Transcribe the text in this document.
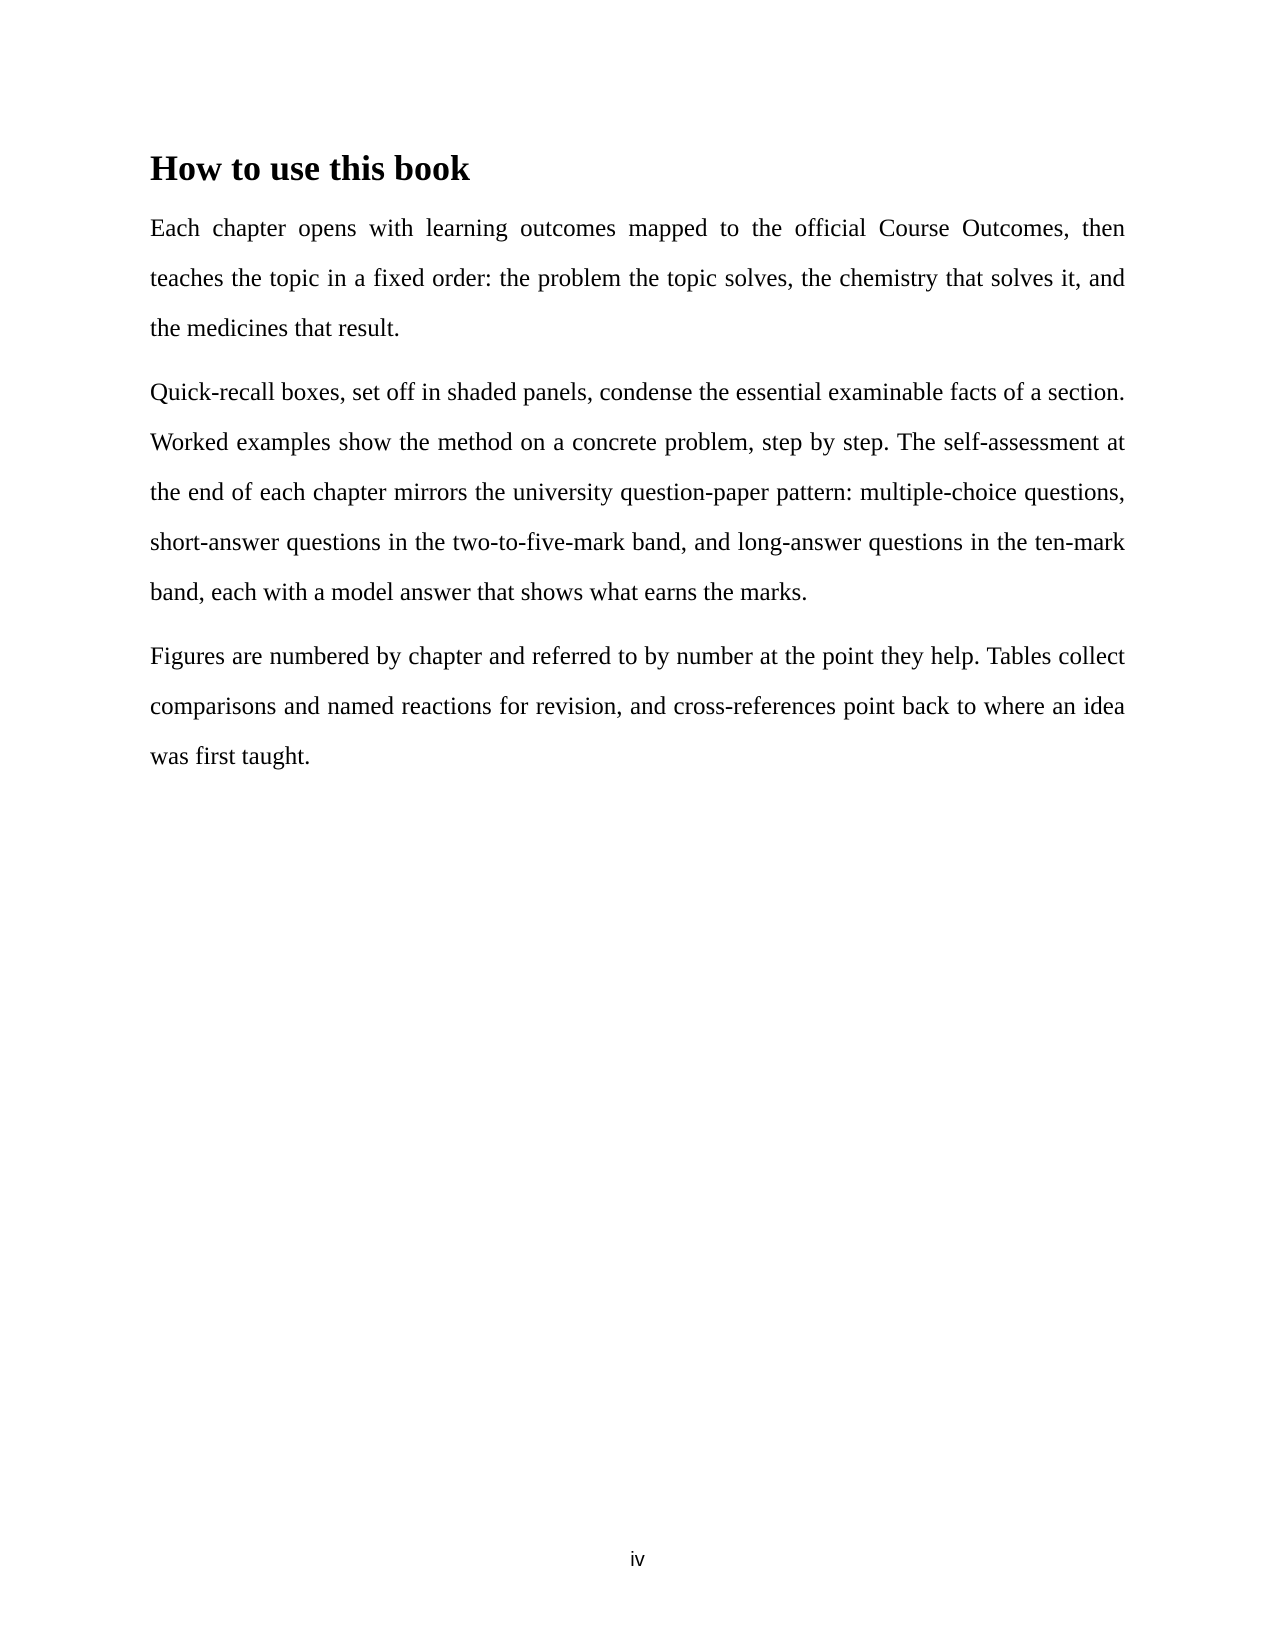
How to use this book

Each chapter opens with learning outcomes mapped to the official Course Outcomes, then teaches the topic in a fixed order: the problem the topic solves, the chemistry that solves it, and the medicines that result.

Quick-recall boxes, set off in shaded panels, condense the essential examinable facts of a section. Worked examples show the method on a concrete problem, step by step. The self-assessment at the end of each chapter mirrors the university question-paper pattern: multiple-choice questions, short-answer questions in the two-to-five-mark band, and long-answer questions in the ten-mark band, each with a model answer that shows what earns the marks.

Figures are numbered by chapter and referred to by number at the point they help. Tables collect comparisons and named reactions for revision, and cross-references point back to where an idea was first taught.

iv
